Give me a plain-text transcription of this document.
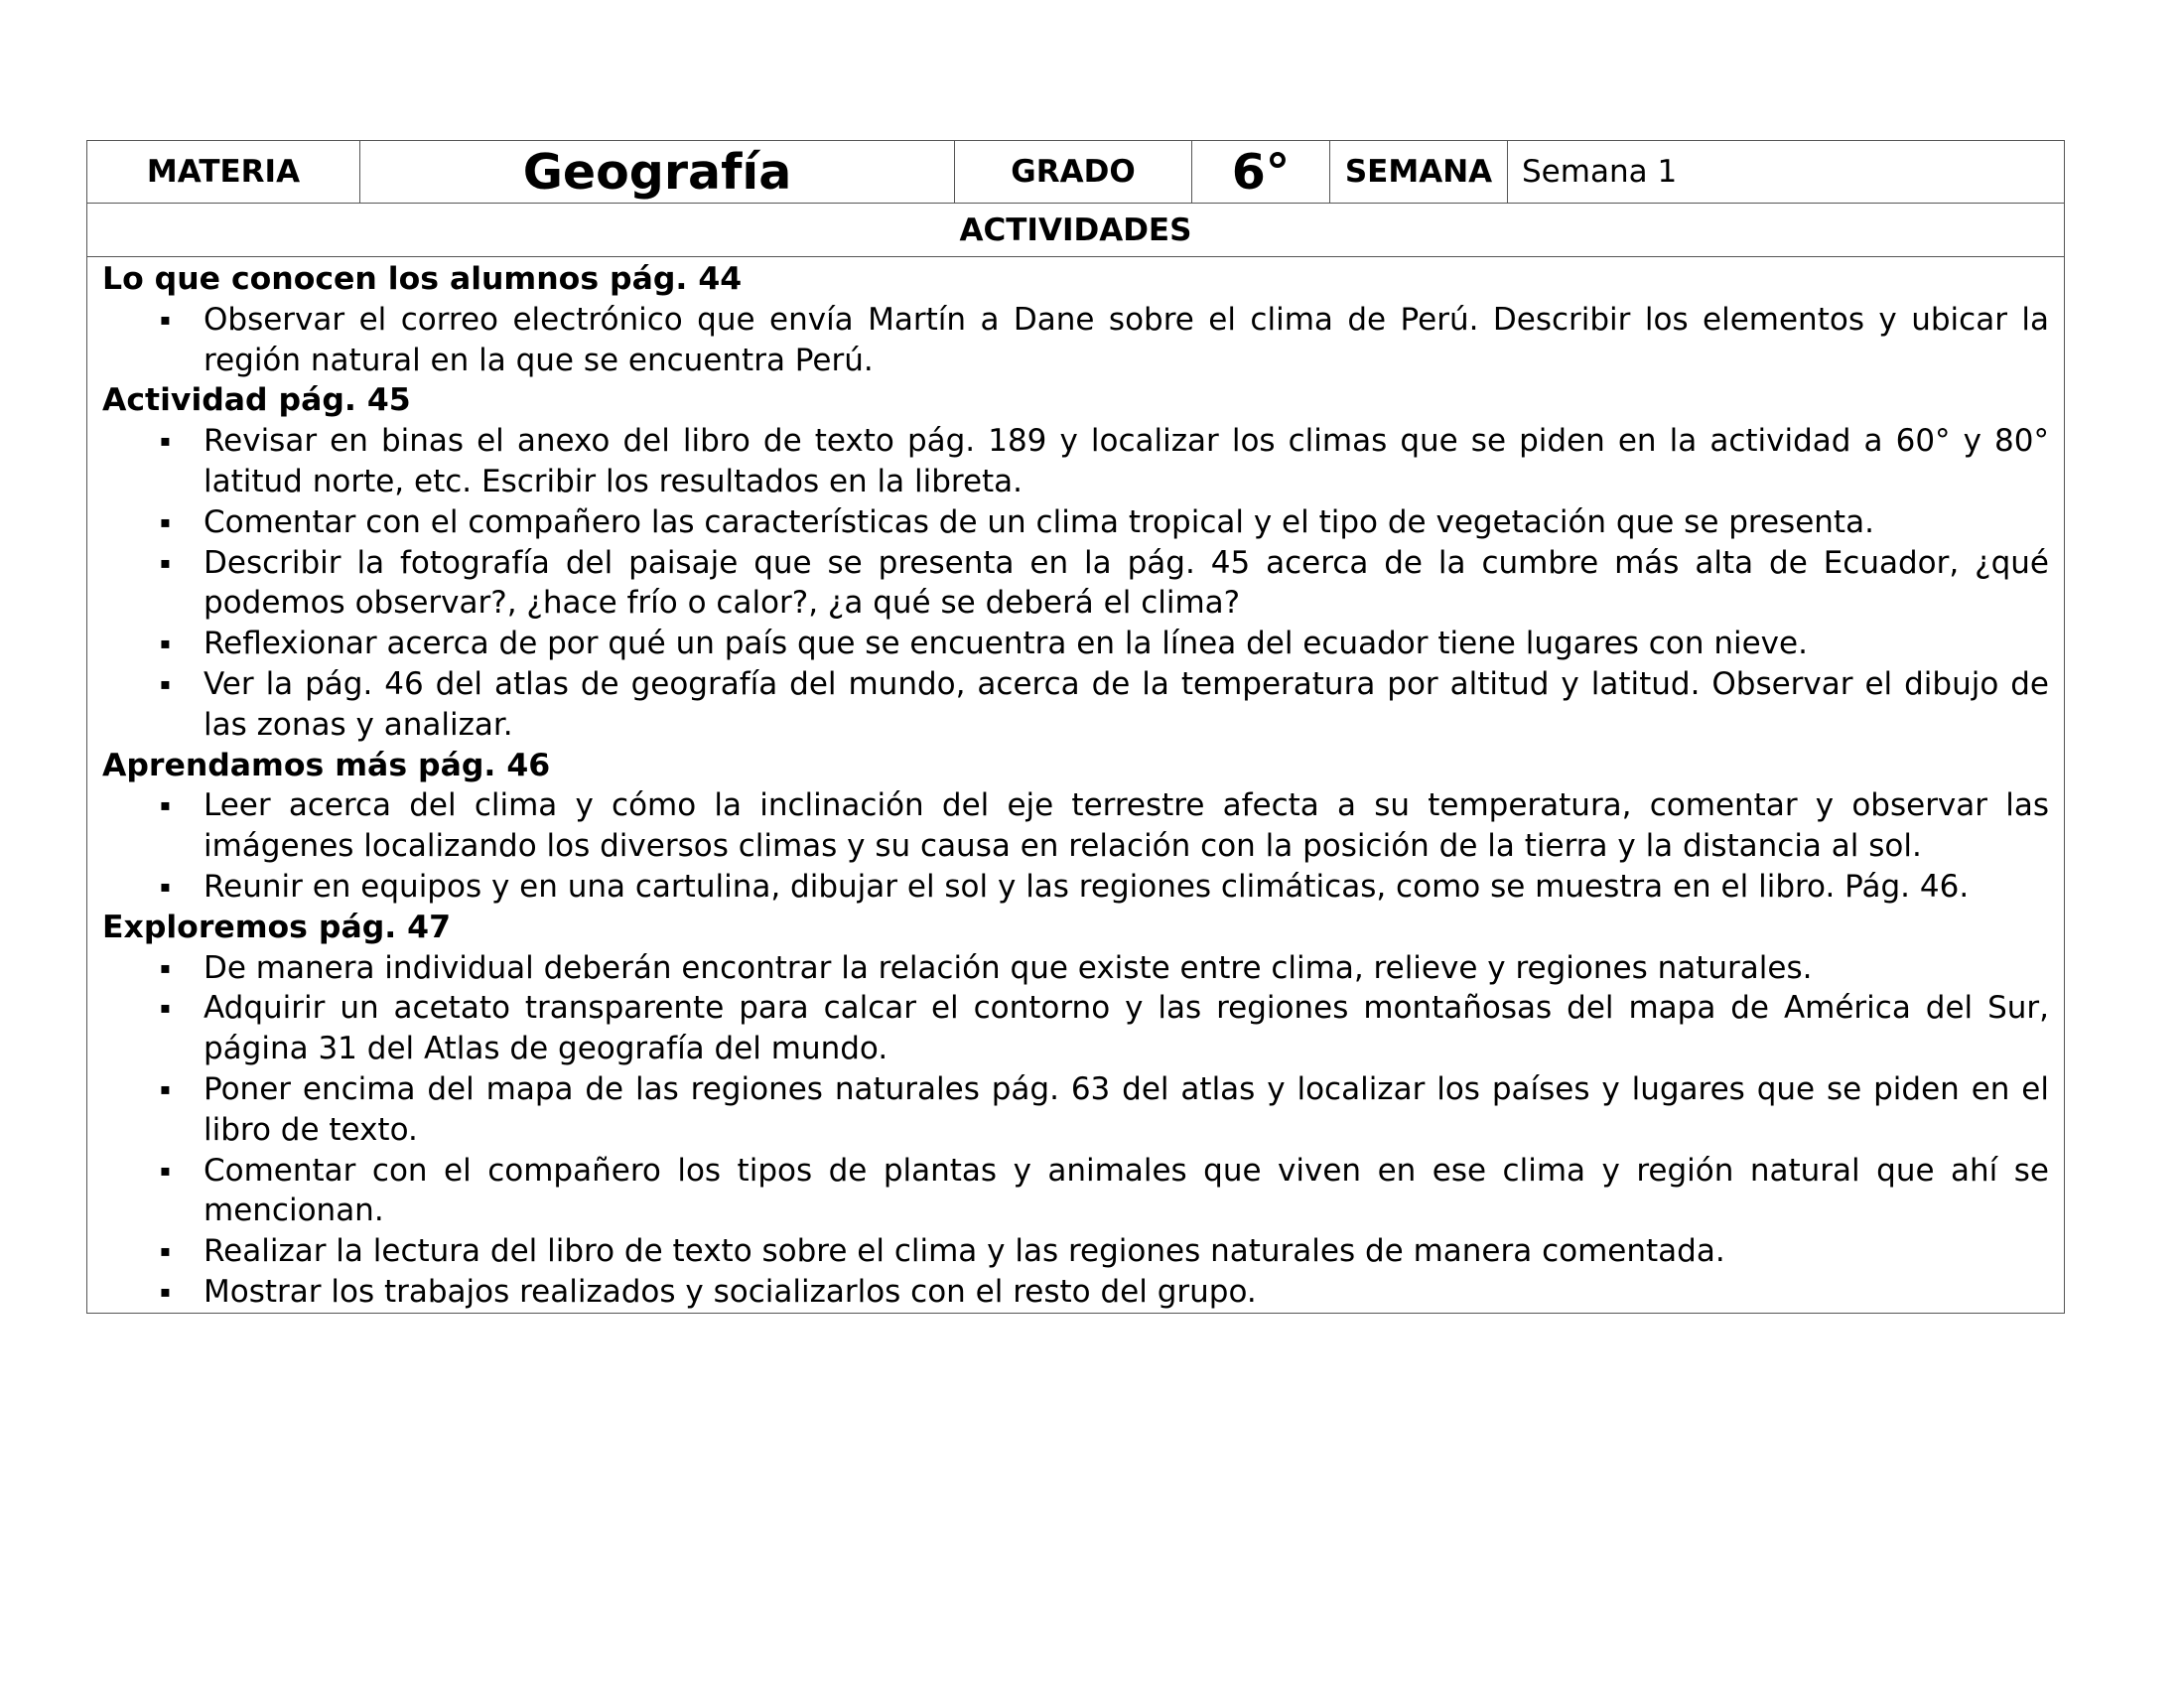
MATERIA	Geografía	GRADO	6°	SEMANA Semana 1
ACTIVIDADES
Lo que conocen los alumnos pág. 44
▪ Observar el correo electrónico que envía Martín a Dane sobre el clima de Perú. Describir los elementos y ubicar la región natural en la que se encuentra Perú.
Actividad pág. 45
▪ Revisar en binas el anexo del libro de texto pág. 189 y localizar los climas que se piden en la actividad a 60° y 80° latitud norte, etc. Escribir los resultados en la libreta.
▪ Comentar con el compañero las características de un clima tropical y el tipo de vegetación que se presenta.
▪ Describir la fotografía del paisaje que se presenta en la pág. 45 acerca de la cumbre más alta de Ecuador, ¿qué podemos observar?, ¿hace frío o calor?, ¿a qué se deberá el clima?
▪ Reflexionar acerca de por qué un país que se encuentra en la línea del ecuador tiene lugares con nieve.
▪ Ver la pág. 46 del atlas de geografía del mundo, acerca de la temperatura por altitud y latitud. Observar el dibujo de las zonas y analizar.
Aprendamos más pág. 46
▪ Leer acerca del clima y cómo la inclinación del eje terrestre afecta a su temperatura, comentar y observar las imágenes localizando los diversos climas y su causa en relación con la posición de la tierra y la distancia al sol.
▪ Reunir en equipos y en una cartulina, dibujar el sol y las regiones climáticas, como se muestra en el libro. Pág. 46.
Exploremos pág. 47
▪ De manera individual deberán encontrar la relación que existe entre clima, relieve y regiones naturales.
▪ Adquirir un acetato transparente para calcar el contorno y las regiones montañosas del mapa de América del Sur, página 31 del Atlas de geografía del mundo.
▪ Poner encima del mapa de las regiones naturales pág. 63 del atlas y localizar los países y lugares que se piden en el libro de texto.
▪ Comentar con el compañero los tipos de plantas y animales que viven en ese clima y región natural que ahí se mencionan.
▪ Realizar la lectura del libro de texto sobre el clima y las regiones naturales de manera comentada.
▪ Mostrar los trabajos realizados y socializarlos con el resto del grupo.
